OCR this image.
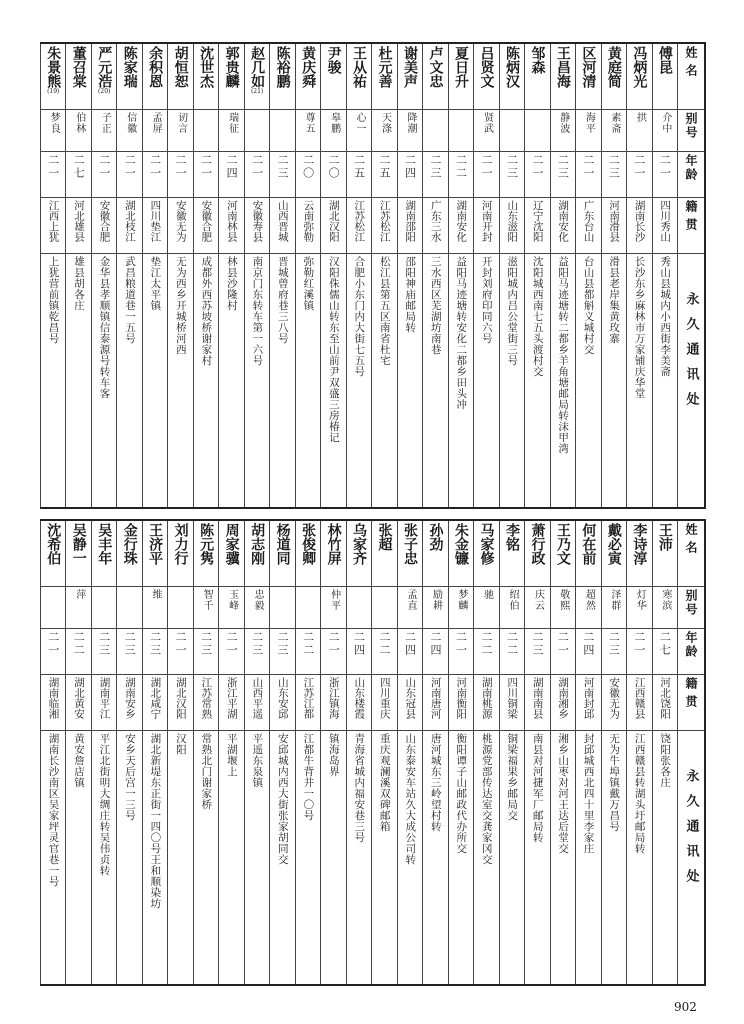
姓名
别号
年龄
籍贯
永久通讯处
傅昆
介中
二一
四川秀山
秀山县城内小西街李美斋
冯炳光
拱
二一
湖南长沙
长沙东乡麻林市万家铺庆华堂
黄庭简
素斋
二三
河南滑县
滑县老岸集黄玫寨
区河清
海平
二一
广东台山
台山县都斛义城村交
王昌海
静波
二三
湖南安化
益阳马迹塘转二都乡羊角塘邮局转沫甲湾
邹森
二一
辽宁沈阳
沈阳城西南七五头渡村交
陈炳汉
二三
山东滋阳
滋阳城内吕公堂街三号
吕贤文
贤武
二一
河南开封
开封刘府印同六号
夏日升
二二
湖南安化
益阳马迹塘转安化二都乡田头冲
卢文忠
二三
广东三水
三水西区芜湖坊南巷
谢美声
降潮
二四
湖南邵阳
邵阳神庙邮局转
杜元善
天涤
二五
江苏松江
松江县第五区南省杜宅
王从祐
心一
二五
江苏松江
合肥小东门内大街七五号
尹骏
皋鹏
二〇
湖北汉阳
汉阳侏儒山转东至山前尹双盛三房椿记
黄庆舜
尊五
二〇
云南弥勒
弥勒红溪镇
陈裕鹏
二三
山西晋城
晋城曾府巷三八号
赵几如
(21)
二一
安徽寿县
南京门东转车第一六号
郭贵麟
瑞征
二四
河南林县
林县沙隆村
沈世杰
二一
安徽合肥
成都外西苏坡桥谢家村
胡恒恕
讱言
二一
安徽无为
无为西乡开城桥河西
余积恩
孟屏
二一
四川垫江
垫江太平镇
陈家瑞
信徽
二一
湖北枝江
武昌粮道巷一五号
严元浩
(20)
子正
二一
安徽合肥
金华县孝顺镇信泰源号转车客
董召棠
伯林
二七
河北雄县
雄县胡各庄
朱景熊
(19)
梦良
二一
江西上犹
上犹营前镇乾昌号
姓名
别号
年龄
籍贯
永久通讯处
王沛
寒滨
二七
河北饶阳
饶阳张各庄
李诗淳
灯华
二一
江西赣县
江西赣县转湖头圩邮局转
戴必寅
泽群
二三
安徽无为
无为牛埠镇戴万昌号
何在前
超然
二四
河南封邱
封邱城西北四十里李家庄
王乃文
敬熙
二一
湖南湘乡
湘乡山枣对河王达后堂交
萧行政
庆云
二三
湖南南县
南县对河捷军厂邮局转
李铭
绍伯
二二
四川铜梁
铜梁福果乡邮局交
马家修
驰
二二
湖南桃源
桃源党部传达室交龚家冈交
朱金镰
梦麟
二一
河南衡阳
衡阳谭子山邮政代办所交
孙劲
励耕
二四
河南唐河
唐河城东三岭望村转
张子忠
孟直
二四
山东冠县
山东泰安车站久大成公司转
张超
二二
四川重庆
重庆观澜溪双碑邮箱
乌家齐
二四
山东楼霞
青海省城内福安巷三号
林竹屏
仲平
二一
浙江镇海
镇海岛界
张俊卿
二二
江苏江都
江都牛背井一〇号
杨道同
二三
山东安邱
安邱城内西大街张家胡同交
胡志刚
忠毅
二三
山西平遥
平遥东泉镇
周家骥
玉峰
二一
浙江平湖
平湖堰上
陈元隽
智千
二三
江苏常熟
常熟北门谢家桥
刘力行
二一
湖北汉阳
汉阳
王济平
维
二三
湖北咸宁
湖北新堤东正街一四〇号王和顺染坊
金行珠
二三
湖南安乡
安乡天后宫一三号
吴丰年
二三
湖南平江
平江北街明大绸庄转吴伟贞转
吴静一
萍
二二
湖北黄安
黄安詹店镇
沈希伯
二一
湖南临湘
湖南长沙南区吴家坪灵官巷一号
902
